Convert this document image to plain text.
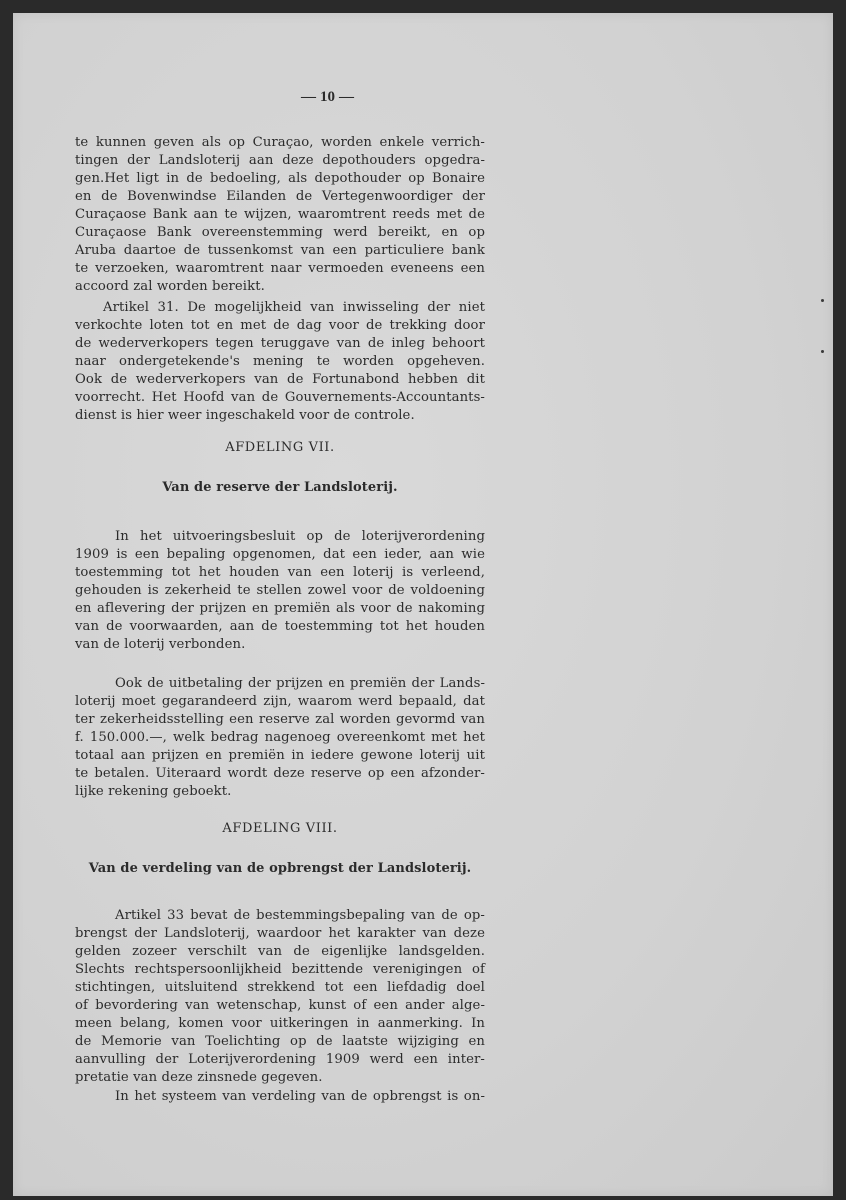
— 10 —
te kunnen geven als op Curaçao, worden enkele verrich-
tingen der Landsloterij aan deze depothouders opgedra-
gen.Het ligt in de bedoeling, als depothouder op Bonaire
en de Bovenwindse Eilanden de Vertegenwoordiger der
Curaçaose Bank aan te wijzen, waaromtrent reeds met de
Curaçaose Bank overeenstemming werd bereikt, en op
Aruba daartoe de tussenkomst van een particuliere bank
te verzoeken, waaromtrent naar vermoeden eveneens een
accoord zal worden bereikt.
Artikel 31. De mogelijkheid van inwisseling der niet
verkochte loten tot en met de dag voor de trekking door
de wederverkopers tegen teruggave van de inleg behoort
naar ondergetekende's mening te worden opgeheven.
Ook de wederverkopers van de Fortunabond hebben dit
voorrecht. Het Hoofd van de Gouvernements-Accountants-
dienst is hier weer ingeschakeld voor de controle.
AFDELING VII.
Van de reserve der Landsloterij.
In het uitvoeringsbesluit op de loterijverordening
1909 is een bepaling opgenomen, dat een ieder, aan wie
toestemming tot het houden van een loterij is verleend,
gehouden is zekerheid te stellen zowel voor de voldoening
en aflevering der prijzen en premiën als voor de nakoming
van de voorwaarden, aan de toestemming tot het houden
van de loterij verbonden.
Ook de uitbetaling der prijzen en premiën der Lands-
loterij moet gegarandeerd zijn, waarom werd bepaald, dat
ter zekerheidsstelling een reserve zal worden gevormd van
f. 150.000.—, welk bedrag nagenoeg overeenkomt met het
totaal aan prijzen en premiën in iedere gewone loterij uit
te betalen. Uiteraard wordt deze reserve op een afzonder-
lijke rekening geboekt.
AFDELING VIII.
Van de verdeling van de opbrengst der Landsloterij.
Artikel 33 bevat de bestemmingsbepaling van de op-
brengst der Landsloterij, waardoor het karakter van deze
gelden zozeer verschilt van de eigenlijke landsgelden.
Slechts rechtspersoonlijkheid bezittende verenigingen of
stichtingen, uitsluitend strekkend tot een liefdadig doel
of bevordering van wetenschap, kunst of een ander alge-
meen belang, komen voor uitkeringen in aanmerking. In
de Memorie van Toelichting op de laatste wijziging en
aanvulling der Loterijverordening 1909 werd een inter-
pretatie van deze zinsnede gegeven.
In het systeem van verdeling van de opbrengst is on-
